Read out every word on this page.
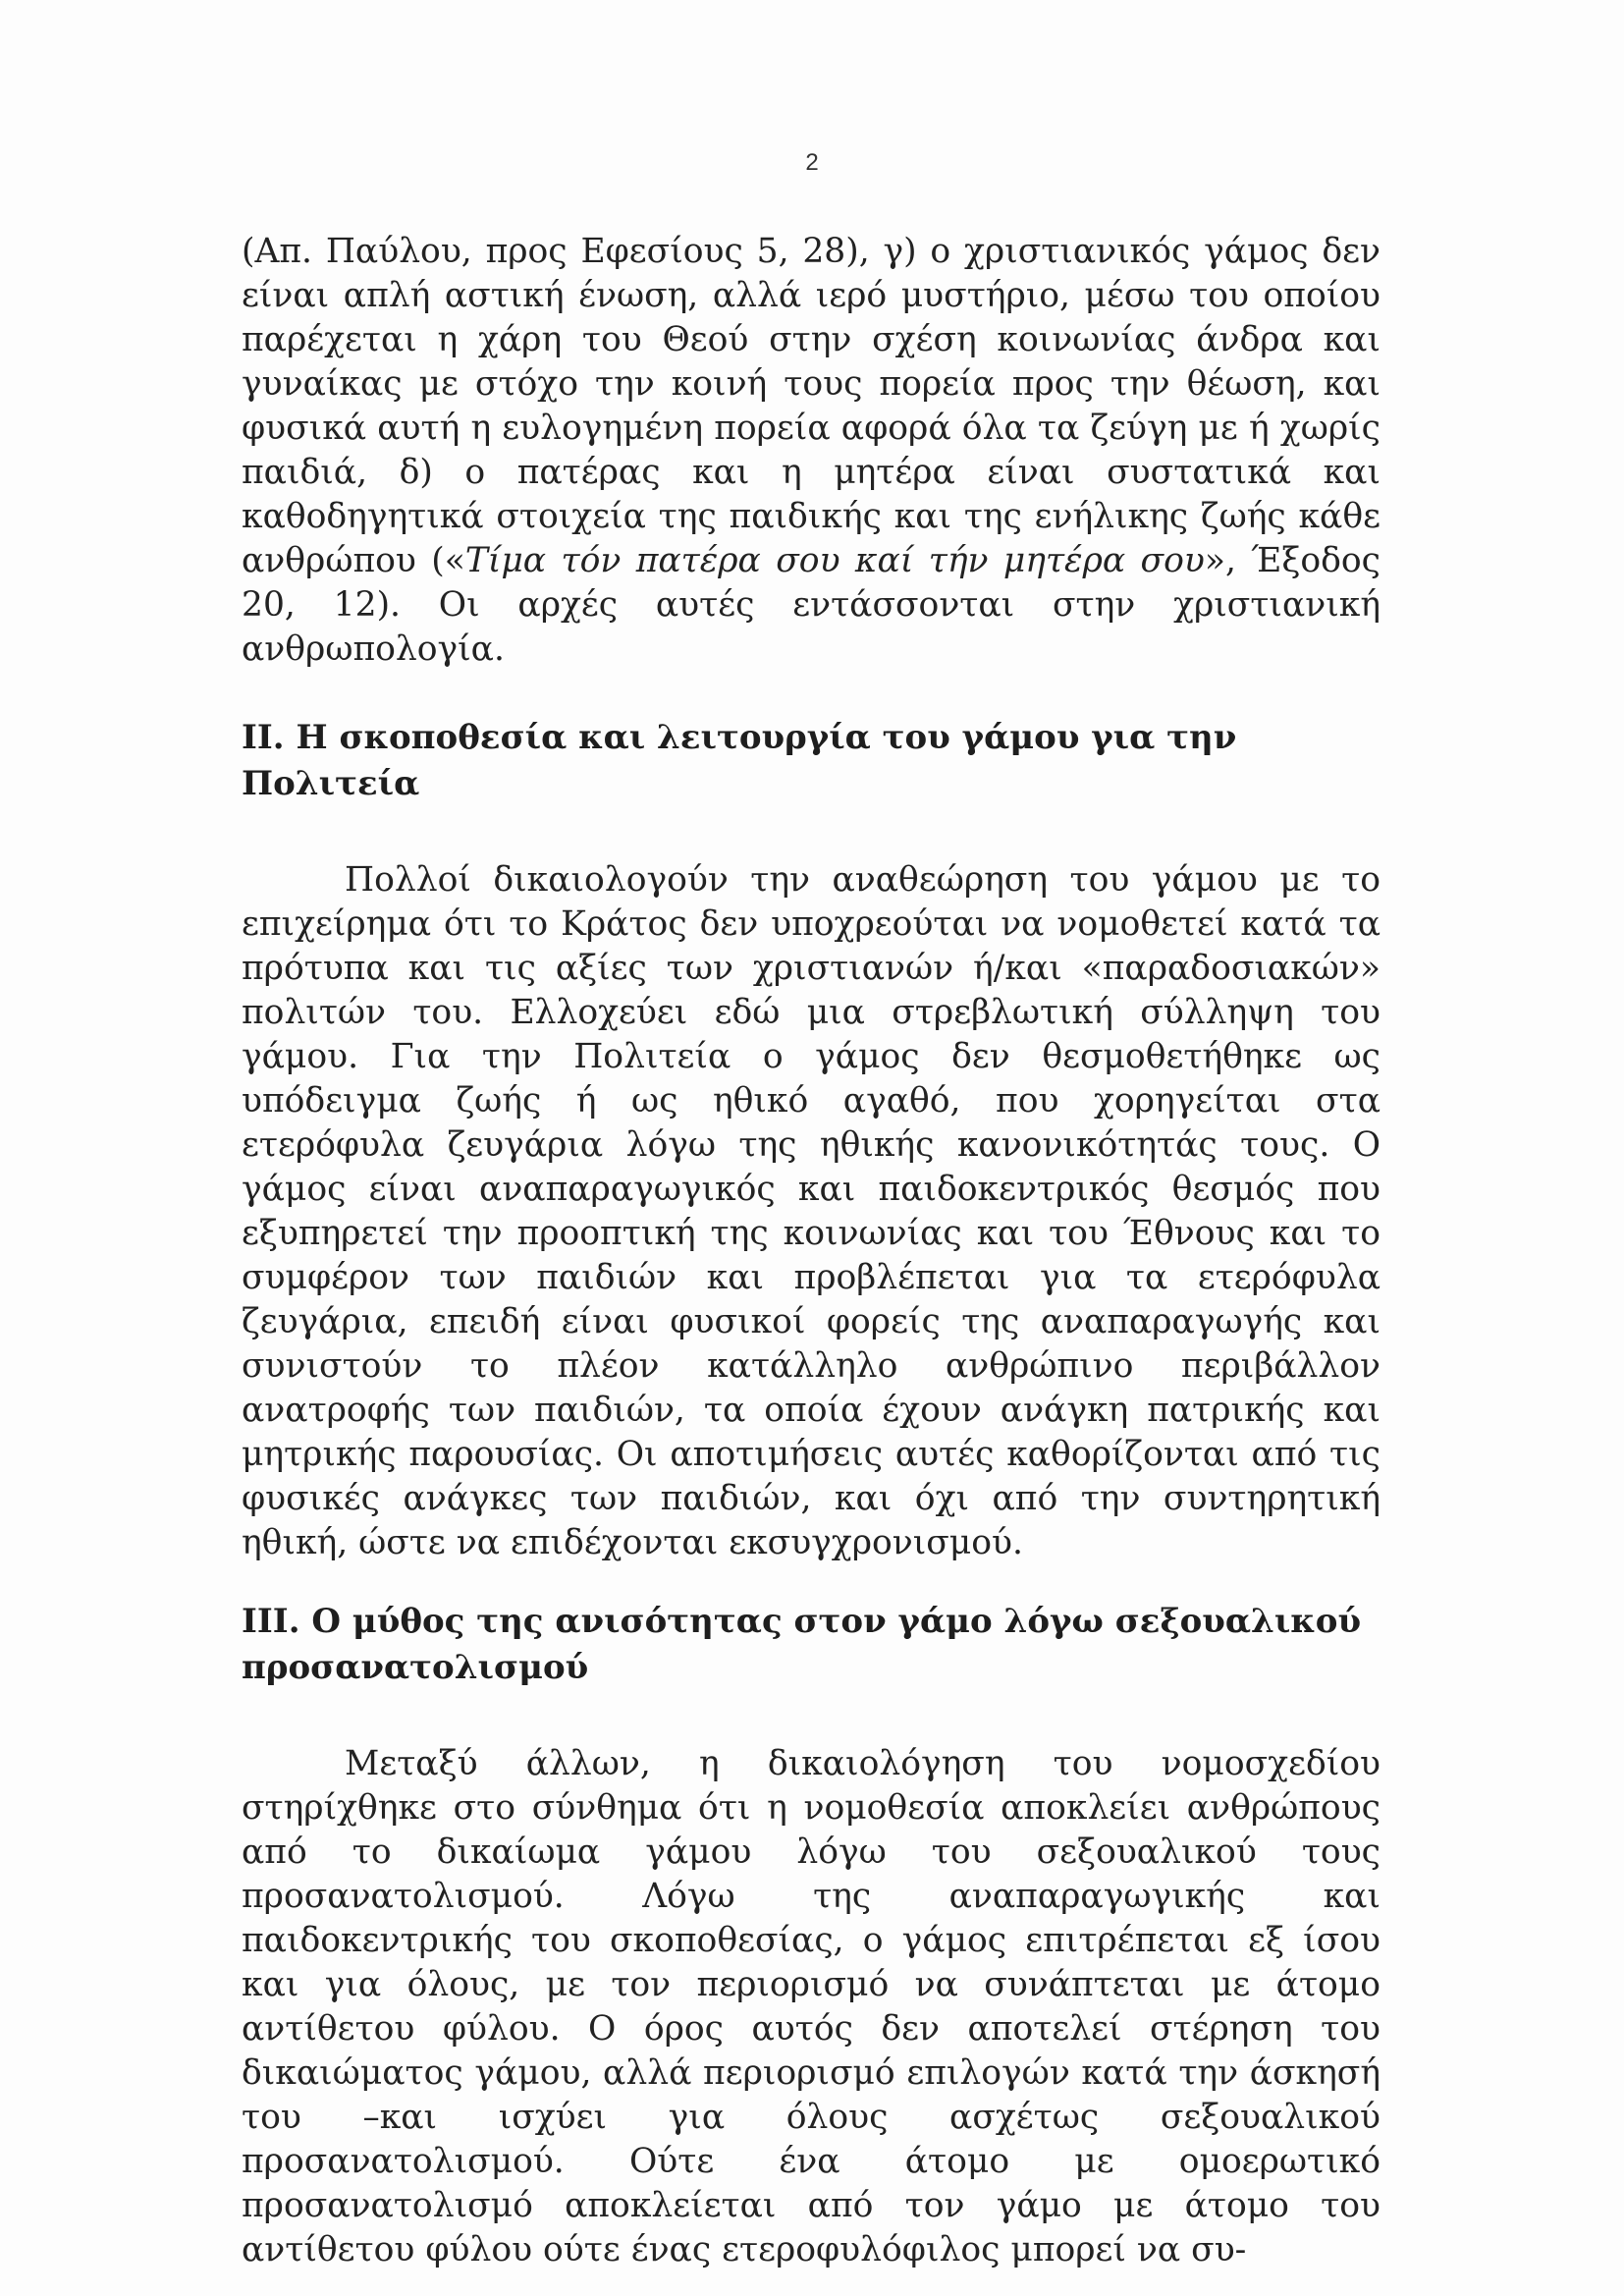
2

(Απ. Παύλου, προς Εφεσίους 5, 28), γ) ο χριστιανικός γάμος δεν είναι απλή αστική ένωση, αλλά ιερό μυστήριο, μέσω του οποίου παρέχεται η χάρη του Θεού στην σχέση κοινωνίας άνδρα και γυναίκας με στόχο την κοινή τους πορεία προς την θέωση, και φυσικά αυτή η ευλογημένη πορεία αφορά όλα τα ζεύγη με ή χωρίς παιδιά, δ) ο πατέρας και η μητέρα είναι συστατικά και καθοδηγητικά στοιχεία της παιδικής και της ενήλικης ζωής κάθε ανθρώπου («Τίμα τόν πατέρα σου καί τήν μητέρα σου», Έξοδος 20, 12). Οι αρχές αυτές εντάσσονται στην χριστιανική ανθρωπολογία.

II. Η σκοποθεσία και λειτουργία του γάμου για την Πολιτεία

Πολλοί δικαιολογούν την αναθεώρηση του γάμου με το επιχείρημα ότι το Κράτος δεν υποχρεούται να νομοθετεί κατά τα πρότυπα και τις αξίες των χριστιανών ή/και «παραδοσιακών» πολιτών του. Ελλοχεύει εδώ μια στρεβλωτική σύλληψη του γάμου. Για την Πολιτεία ο γάμος δεν θεσμοθετήθηκε ως υπόδειγμα ζωής ή ως ηθικό αγαθό, που χορηγείται στα ετερόφυλα ζευγάρια λόγω της ηθικής κανονικότητάς τους. Ο γάμος είναι αναπαραγωγικός και παιδοκεντρικός θεσμός που εξυπηρετεί την προοπτική της κοινωνίας και του Έθνους και το συμφέρον των παιδιών και προβλέπεται για τα ετερόφυλα ζευγάρια, επειδή είναι φυσικοί φορείς της αναπαραγωγής και συνιστούν το πλέον κατάλληλο ανθρώπινο περιβάλλον ανατροφής των παιδιών, τα οποία έχουν ανάγκη πατρικής και μητρικής παρουσίας. Οι αποτιμήσεις αυτές καθορίζονται από τις φυσικές ανάγκες των παιδιών, και όχι από την συντηρητική ηθική, ώστε να επιδέχονται εκσυγχρονισμού.

III. Ο μύθος της ανισότητας στον γάμο λόγω σεξουαλικού προσανατολισμού

Μεταξύ άλλων, η δικαιολόγηση του νομοσχεδίου στηρίχθηκε στο σύνθημα ότι η νομοθεσία αποκλείει ανθρώπους από το δικαίωμα γάμου λόγω του σεξουαλικού τους προσανατολισμού. Λόγω της αναπαραγωγικής και παιδοκεντρικής του σκοποθεσίας, ο γάμος επιτρέπεται εξ ίσου και για όλους, με τον περιορισμό να συνάπτεται με άτομο αντίθετου φύλου. Ο όρος αυτός δεν αποτελεί στέρηση του δικαιώματος γάμου, αλλά περιορισμό επιλογών κατά την άσκησή του –και ισχύει για όλους ασχέτως σεξουαλικού προσανατολισμού. Ούτε ένα άτομο με ομοερωτικό προσανατολισμό αποκλείεται από τον γάμο με άτομο του αντίθετου φύλου ούτε ένας ετεροφυλόφιλος μπορεί να συ-
